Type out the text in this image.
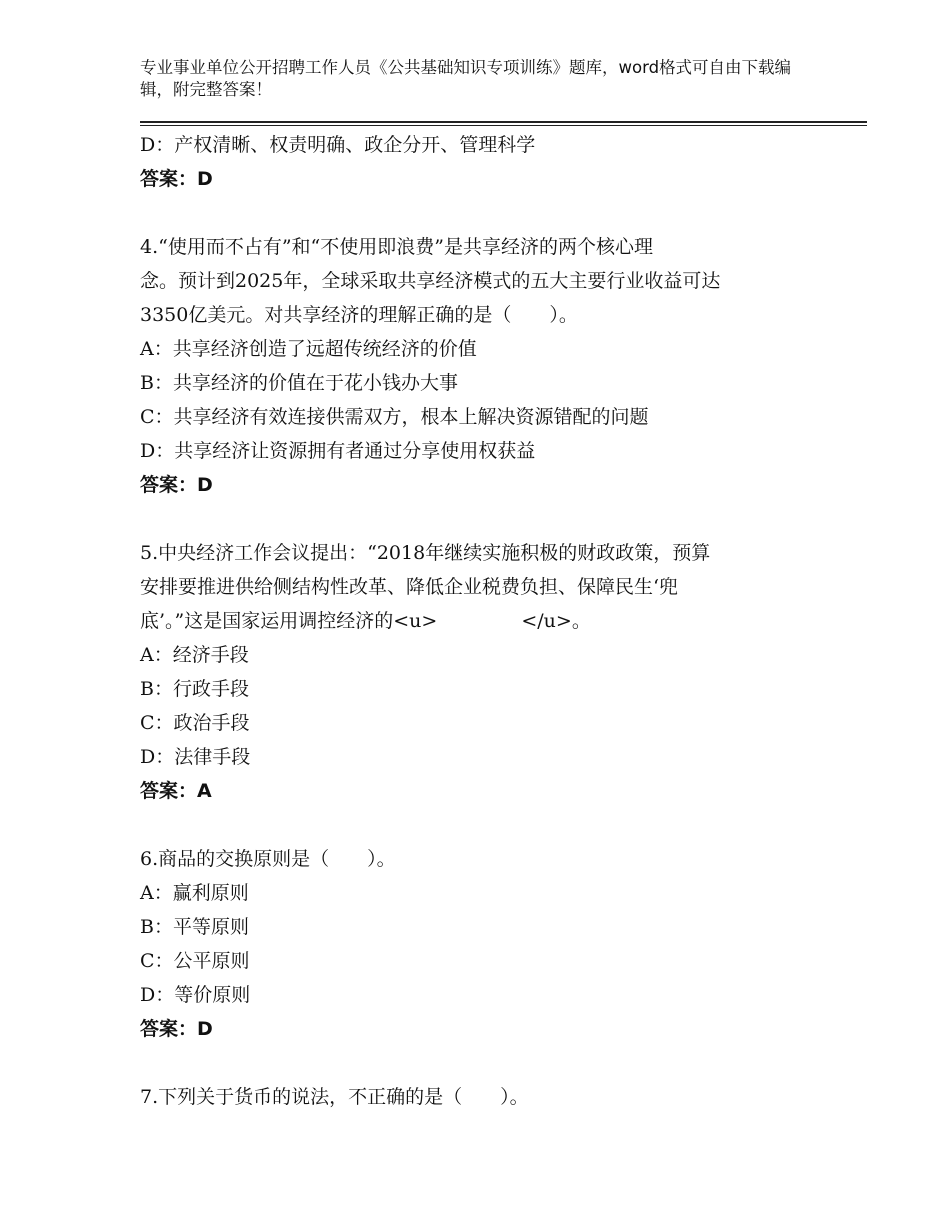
专业事业单位公开招聘工作人员《公共基础知识专项训练》题库，word格式可自由下载编辑，附完整答案！
D：产权清晰、权责明确、政企分开、管理科学
答案：D
4.“使用而不占有”和“不使用即浪费”是共享经济的两个核心理
念。预计到2025年，全球采取共享经济模式的五大主要行业收益可达
3350亿美元。对共享经济的理解正确的是（　　）。
A：共享经济创造了远超传统经济的价值
B：共享经济的价值在于花小钱办大事
C：共享经济有效连接供需双方，根本上解决资源错配的问题
D：共享经济让资源拥有者通过分享使用权获益
答案：D
5.中央经济工作会议提出：“2018年继续实施积极的财政政策，预算
安排要推进供给侧结构性改革、降低企业税费负担、保障民生‘兜
底’。”这是国家运用调控经济的<u>	</u>。
A：经济手段
B：行政手段
C：政治手段
D：法律手段
答案：A
6.商品的交换原则是（　　）。
A：赢利原则
B：平等原则
C：公平原则
D：等价原则
答案：D
7.下列关于货币的说法，不正确的是（　　）。
